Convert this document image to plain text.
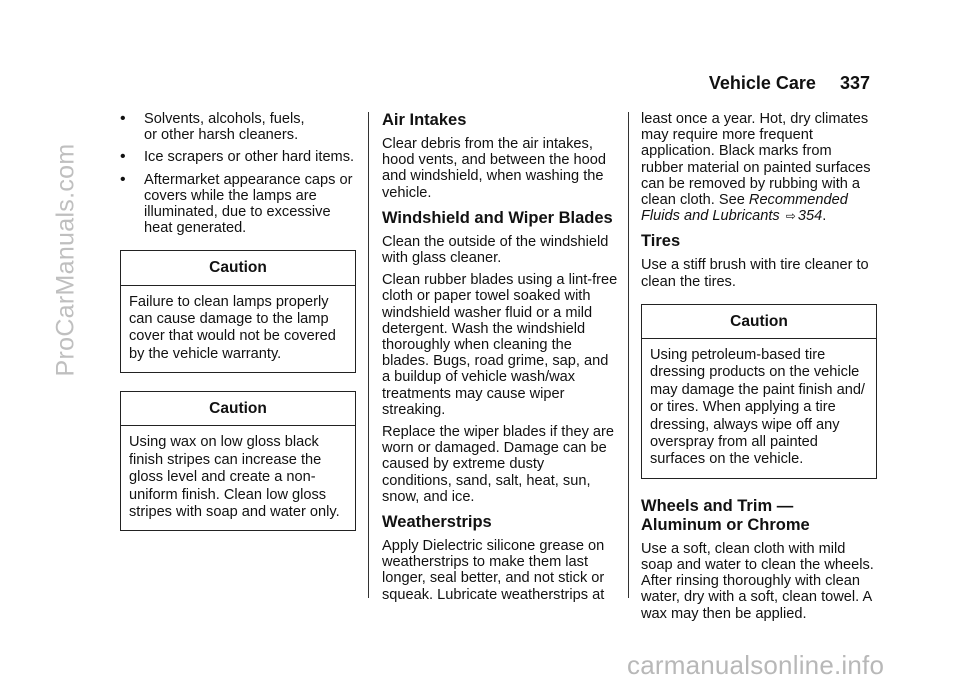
ProCarManuals.com
Vehicle Care 337
• Solvents, alcohols, fuels,
or other harsh cleaners.
• Ice scrapers or other hard items.
• Aftermarket appearance caps or covers while the lamps are illuminated, due to excessive heat generated.
Caution
Failure to clean lamps properly can cause damage to the lamp cover that would not be covered by the vehicle warranty.
Caution
Using wax on low gloss black finish stripes can increase the gloss level and create a non-uniform finish. Clean low gloss stripes with soap and water only.
Air Intakes

Clear debris from the air intakes, hood vents, and between the hood and windshield, when washing the vehicle.

Windshield and Wiper Blades

Clean the outside of the windshield with glass cleaner.

Clean rubber blades using a lint-free cloth or paper towel soaked with windshield washer fluid or a mild detergent. Wash the windshield thoroughly when cleaning the blades. Bugs, road grime, sap, and a buildup of vehicle wash/wax treatments may cause wiper streaking.

Replace the wiper blades if they are worn or damaged. Damage can be caused by extreme dusty conditions, sand, salt, heat, sun, snow, and ice.

Weatherstrips

Apply Dielectric silicone grease on weatherstrips to make them last longer, seal better, and not stick or squeak. Lubricate weatherstrips at

least once a year. Hot, dry climates may require more frequent application. Black marks from rubber material on painted surfaces can be removed by rubbing with a clean cloth. See Recommended Fluids and Lubricants ⇨ 354.

Tires

Use a stiff brush with tire cleaner to clean the tires.

Caution
Using petroleum-based tire dressing products on the vehicle may damage the paint finish and/ or tires. When applying a tire dressing, always wipe off any overspray from all painted surfaces on the vehicle.
Wheels and Trim — Aluminum or Chrome

Use a soft, clean cloth with mild soap and water to clean the wheels. After rinsing thoroughly with clean water, dry with a soft, clean towel. A wax may then be applied.

carmanualsonline.info
